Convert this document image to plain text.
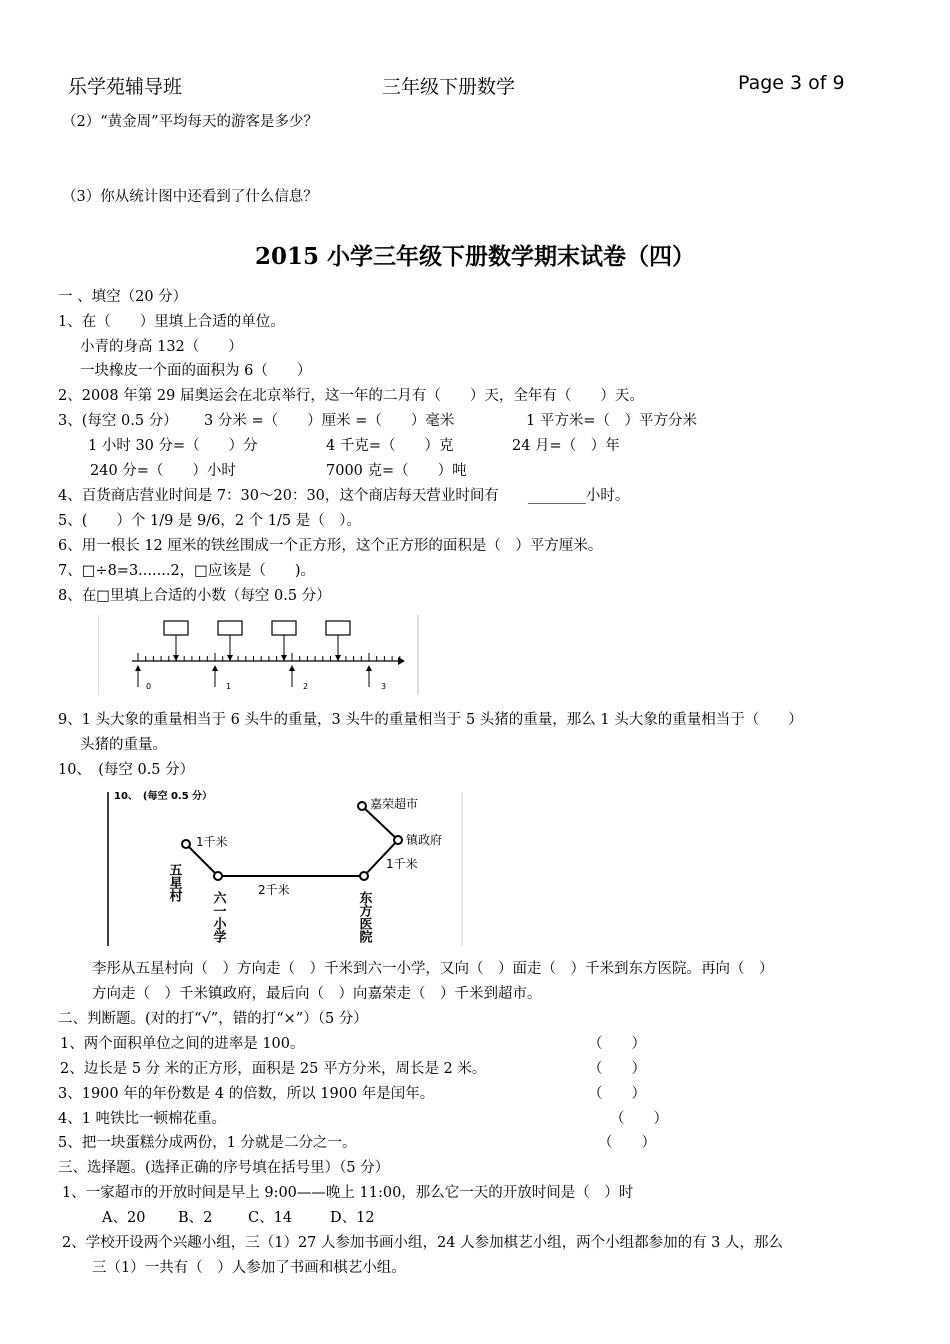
乐学苑辅导班	三年级下册数学	Page 3 of 9
（2）“黄金周”平均每天的游客是多少？
（3）你从统计图中还看到了什么信息？
2015 小学三年级下册数学期末试卷（四）
一 、填空（20 分）
1、在（　　）里填上合适的单位。
小青的身高 132（　　）
一块橡皮一个面的面积为 6（　　）
2、2008 年第 29 届奥运会在北京举行，这一年的二月有（　　）天，全年有（　　）天。
3、(每空 0.5 分） 3 分米 =（　　）厘米 =（　　）毫米	1 平方米=（　）平方分米
1 小时 30 分=（　　）分	4 千克=（　　）克	24 月=（　）年
240 分=（　　）小时	7000 克=（　　）吨
4、百货商店营业时间是 7：30～20：30，这个商店每天营业时间有　　________小时。
5、(　　）个 1/9 是 9/6，2 个 1/5 是（　）。
6、用一根长 12 厘米的铁丝围成一个正方形，这个正方形的面积是（　）平方厘米。
7、□÷8=3.......2，□应该是（　　)。
8、在□里填上合适的小数（每空 0.5 分）
0	1	2	3
9、1 头大象的重量相当于 6 头牛的重量，3 头牛的重量相当于 5 头猪的重量，那么 1 头大象的重量相当于（　　）
头猪的重量。
10、　(每空 0.5 分）
10、　(每空 0.5 分）
1千米
2千米
1千米
镇政府
嘉荣超市
五星村
六一小学	东方医院
李彤从五星村向（　）方向走（　）千米到六一小学，又向（　）面走（　）千米到东方医院。再向（　）
方向走（　）千米镇政府，最后向（　）向嘉荣走（　）千米到超市。
二、判断题。(对的打“√”，错的打“×”）（5 分）
1、两个面积单位之间的进率是 100。	（　　）
2、边长是 5 分 米的正方形，面积是 25 平方分米，周长是 2 米。	（　　）
3、1900 年的年份数是 4 的倍数，所以 1900 年是闰年。	（　　）
4、1 吨铁比一顿棉花重。	（　　）
5、把一块蛋糕分成两份，1 分就是二分之一。	（　　）
三、选择题。(选择正确的序号填在括号里）（5 分）
1、一家超市的开放时间是早上 9:00——晚上 11:00，那么它一天的开放时间是（　）时
A、20 B、2 C、14	D、12
2、学校开设两个兴趣小组，三（1）27 人参加书画小组，24 人参加棋艺小组，两个小组都参加的有 3 人，那么
三（1）一共有（　）人参加了书画和棋艺小组。
